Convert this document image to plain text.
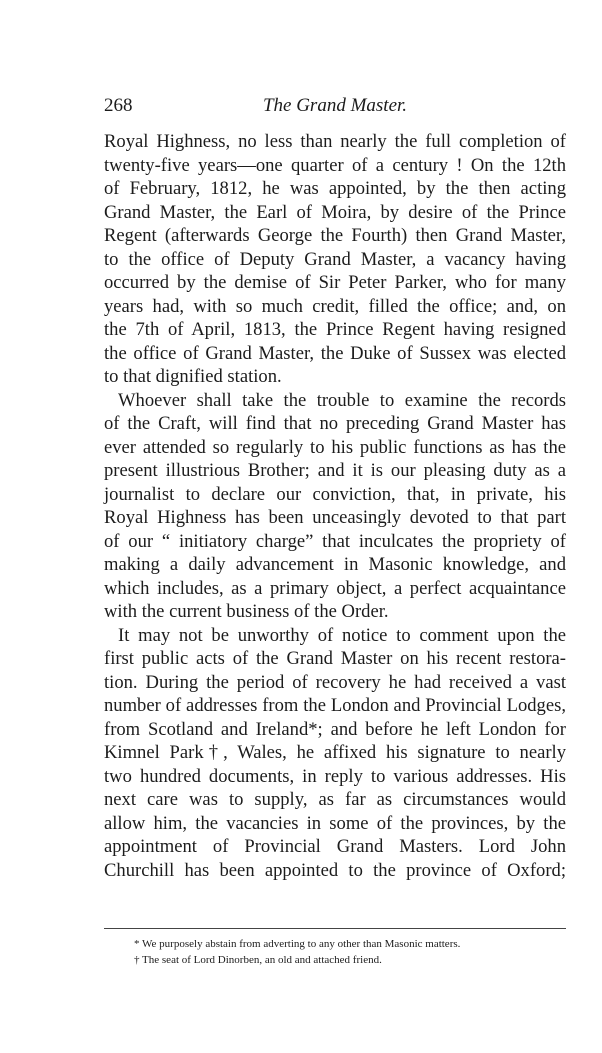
268	The Grand Master.
Royal Highness, no less than nearly the full completion of
twenty-five years—one quarter of a century ! On the 12th
of February, 1812, he was appointed, by the then acting
Grand Master, the Earl of Moira, by desire of the Prince
Regent (afterwards George the Fourth) then Grand Master,
to the office of Deputy Grand Master, a vacancy having
occurred by the demise of Sir Peter Parker, who for many
years had, with so much credit, filled the office; and, on
the 7th of April, 1813, the Prince Regent having resigned
the office of Grand Master, the Duke of Sussex was elected
to that dignified station.
Whoever shall take the trouble to examine the records
of the Craft, will find that no preceding Grand Master has
ever attended so regularly to his public functions as has the
present illustrious Brother; and it is our pleasing duty as a
journalist to declare our conviction, that, in private, his
Royal Highness has been unceasingly devoted to that part
of our “ initiatory charge” that inculcates the propriety of
making a daily advancement in Masonic knowledge, and
which includes, as a primary object, a perfect acquaintance
with the current business of the Order.
It may not be unworthy of notice to comment upon the
first public acts of the Grand Master on his recent restora-
tion. During the period of recovery he had received a vast
number of addresses from the London and Provincial Lodges,
from Scotland and Ireland*; and before he left London for
Kimnel Park†, Wales, he affixed his signature to nearly
two hundred documents, in reply to various addresses. His
next care was to supply, as far as circumstances would
allow him, the vacancies in some of the provinces, by the
appointment of Provincial Grand Masters. Lord John
Churchill has been appointed to the province of Oxford;
* We purposely abstain from adverting to any other than Masonic matters.
† The seat of Lord Dinorben, an old and attached friend.
